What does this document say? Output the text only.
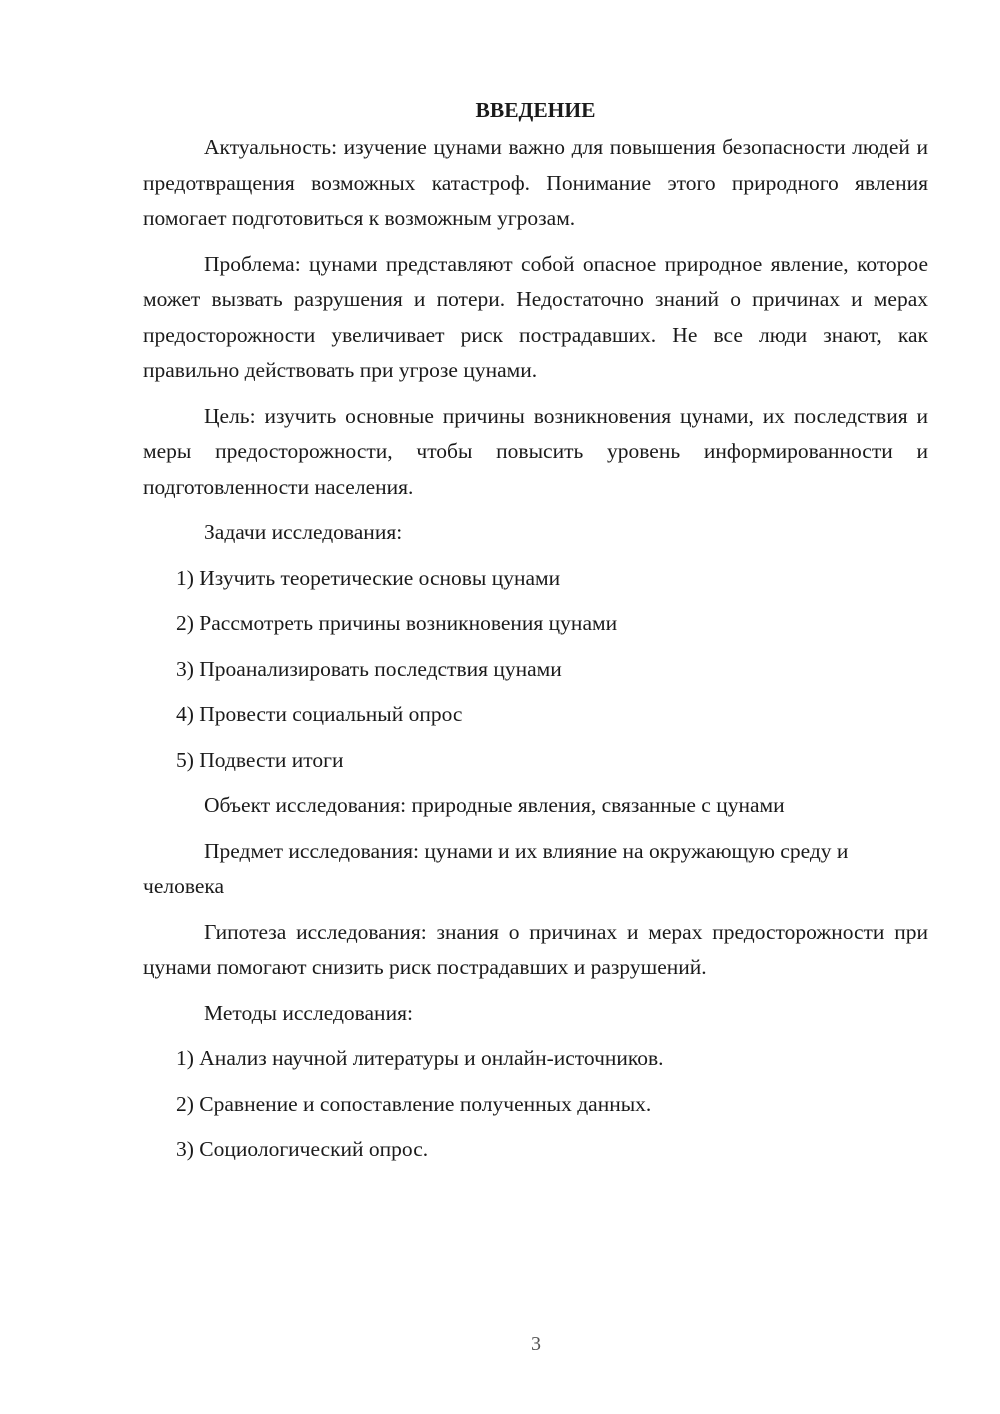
ВВЕДЕНИЕ

Актуальность: изучение цунами важно для повышения безопасности людей и предотвращения возможных катастроф. Понимание этого природного явления помогает подготовиться к возможным угрозам.

Проблема: цунами представляют собой опасное природное явление, которое может вызвать разрушения и потери. Недостаточно знаний о причинах и мерах предосторожности увеличивает риск пострадавших. Не все люди знают, как правильно действовать при угрозе цунами.

Цель: изучить основные причины возникновения цунами, их последствия и меры предосторожности, чтобы повысить уровень информированности и подготовленности населения.

Задачи исследования:

1) Изучить теоретические основы цунами
2) Рассмотреть причины возникновения цунами
3) Проанализировать последствия цунами
4) Провести социальный опрос
5) Подвести итоги

Объект исследования: природные явления, связанные с цунами

Предмет исследования: цунами и их влияние на окружающую среду и человека

Гипотеза исследования: знания о причинах и мерах предосторожности при цунами помогают снизить риск пострадавших и разрушений.

Методы исследования:

1) Анализ научной литературы и онлайн-источников.
2) Сравнение и сопоставление полученных данных.
3) Социологический опрос.
3
